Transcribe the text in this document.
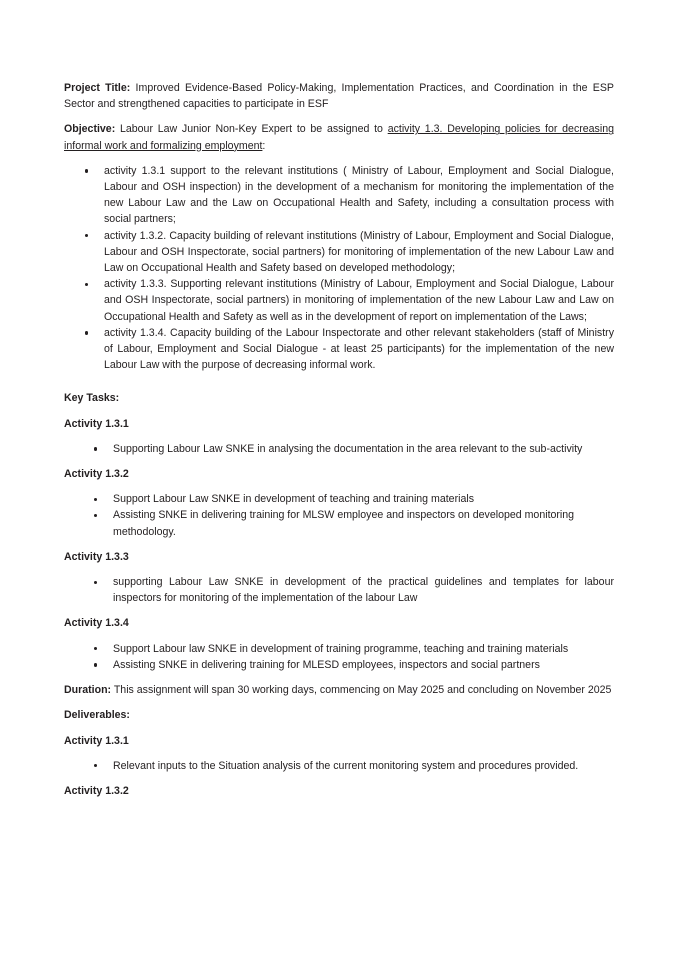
Project Title: Improved Evidence-Based Policy-Making, Implementation Practices, and Coordination in the ESP Sector and strengthened capacities to participate in ESF

Objective: Labour Law Junior Non-Key Expert to be assigned to activity 1.3. Developing policies for decreasing informal work and formalizing employment:

activity 1.3.1 support to the relevant institutions ( Ministry of Labour, Employment and Social Dialogue, Labour and OSH inspection) in the development of a mechanism for monitoring the implementation of the new Labour Law and the Law on Occupational Health and Safety, including a consultation process with social partners;
activity 1.3.2. Capacity building of relevant institutions (Ministry of Labour, Employment and Social Dialogue, Labour and OSH Inspectorate, social partners) for monitoring of implementation of the new Labour Law and Law on Occupational Health and Safety based on developed methodology;
activity 1.3.3. Supporting relevant institutions (Ministry of Labour, Employment and Social Dialogue, Labour and OSH Inspectorate, social partners) in monitoring of implementation of the new Labour Law and Law on Occupational Health and Safety as well as in the development of report on implementation of the Laws;
activity 1.3.4. Capacity building of the Labour Inspectorate and other relevant stakeholders (staff of Ministry of Labour, Employment and Social Dialogue - at least 25 participants) for the implementation of the new Labour Law with the purpose of decreasing informal work.

Key Tasks:

Activity 1.3.1

Supporting Labour Law SNKE in analysing the documentation in the area relevant to the sub-activity

Activity 1.3.2

Support Labour Law SNKE in development of teaching and training materials
Assisting SNKE in delivering training for MLSW employee and inspectors on developed monitoring methodology.

Activity 1.3.3

supporting Labour Law SNKE in development of the practical guidelines and templates for labour inspectors for monitoring of the implementation of the labour Law

Activity 1.3.4

Support Labour law SNKE in development of training programme, teaching and training materials
Assisting SNKE in delivering training for MLESD employees, inspectors and social partners

Duration: This assignment will span 30 working days, commencing on May 2025 and concluding on November 2025

Deliverables:

Activity 1.3.1

Relevant inputs to the Situation analysis of the current monitoring system and procedures provided.

Activity 1.3.2
